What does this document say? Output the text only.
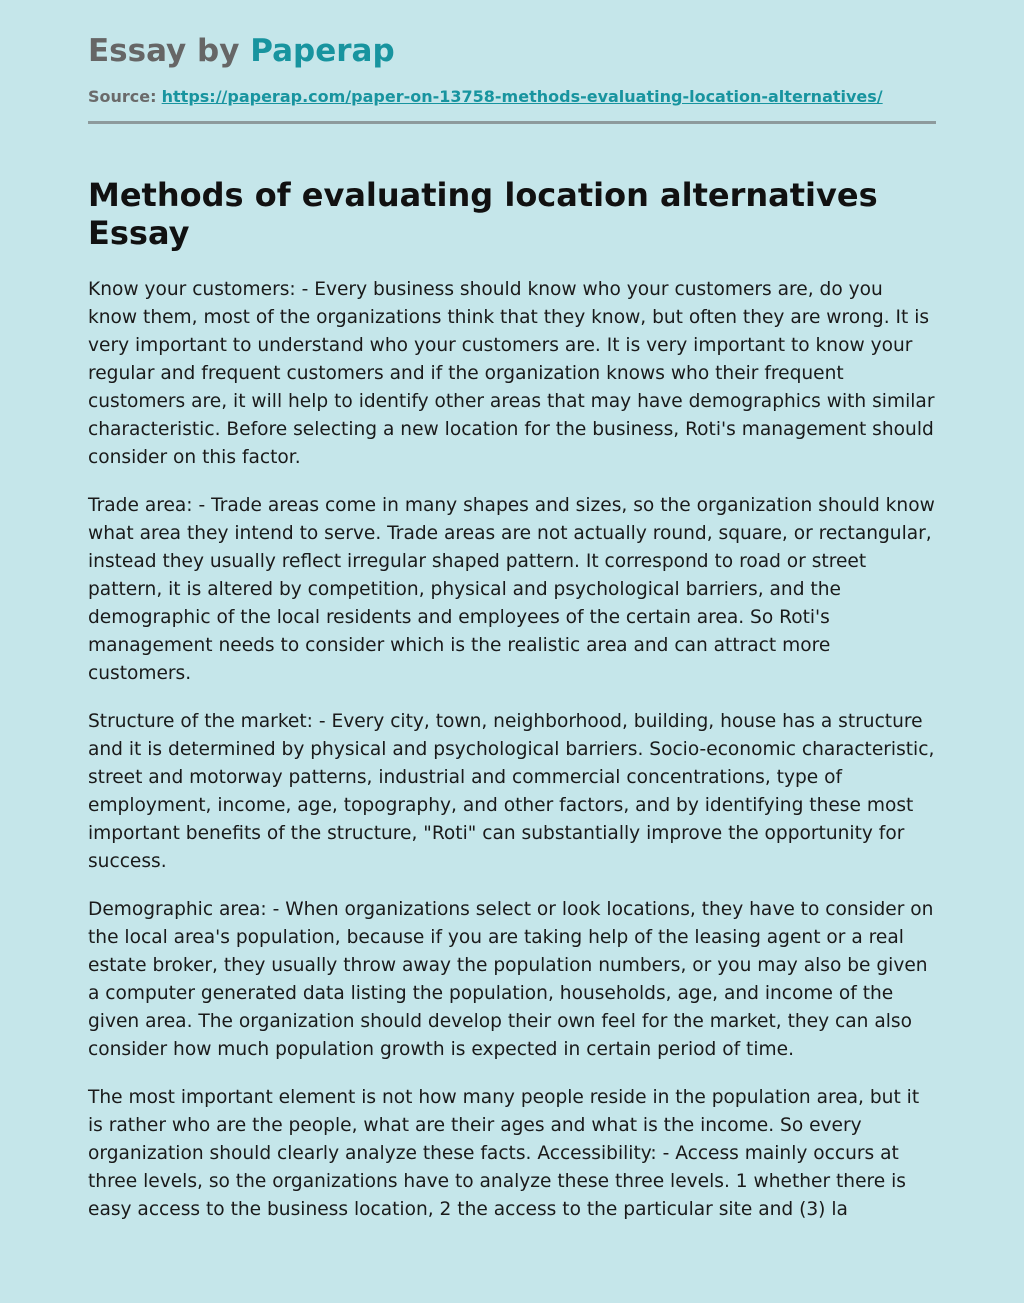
Essay by Paperap
Source: https://paperap.com/paper-on-13758-methods-evaluating-location-alternatives/
Methods of evaluating location alternatives Essay

Know your customers: - Every business should know who your customers are, do you know them, most of the organizations think that they know, but often they are wrong. It is very important to understand who your customers are. It is very important to know your regular and frequent customers and if the organization knows who their frequent customers are, it will help to identify other areas that may have demographics with similar characteristic. Before selecting a new location for the business, Roti's management should consider on this factor.

Trade area: - Trade areas come in many shapes and sizes, so the organization should know what area they intend to serve. Trade areas are not actually round, square, or rectangular, instead they usually reflect irregular shaped pattern. It correspond to road or street pattern, it is altered by competition, physical and psychological barriers, and the demographic of the local residents and employees of the certain area. So Roti's management needs to consider which is the realistic area and can attract more customers.

Structure of the market: - Every city, town, neighborhood, building, house has a structure and it is determined by physical and psychological barriers. Socio-economic characteristic, street and motorway patterns, industrial and commercial concentrations, type of employment, income, age, topography, and other factors, and by identifying these most important benefits of the structure, "Roti" can substantially improve the opportunity for success.

Demographic area: - When organizations select or look locations, they have to consider on the local area's population, because if you are taking help of the leasing agent or a real estate broker, they usually throw away the population numbers, or you may also be given a computer generated data listing the population, households, age, and income of the given area. The organization should develop their own feel for the market, they can also consider how much population growth is expected in certain period of time.

The most important element is not how many people reside in the population area, but it is rather who are the people, what are their ages and what is the income. So every organization should clearly analyze these facts. Accessibility: - Access mainly occurs at three levels, so the organizations have to analyze these three levels. 1 whether there is easy access to the business location, 2 the access to the particular site and (3) la
